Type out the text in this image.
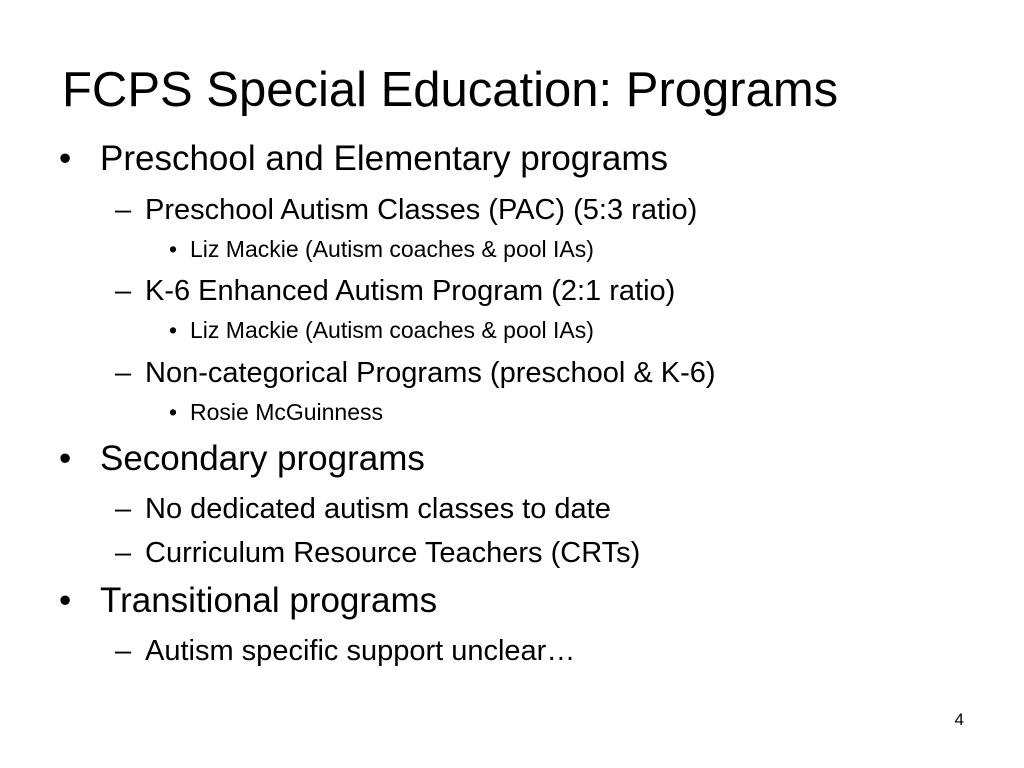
FCPS Special Education: Programs
• Preschool and Elementary programs
– Preschool Autism Classes (PAC) (5:3 ratio)
• Liz Mackie (Autism coaches & pool IAs)
– K-6 Enhanced Autism Program (2:1 ratio)
• Liz Mackie (Autism coaches & pool IAs)
– Non-categorical Programs (preschool & K-6)
• Rosie McGuinness
• Secondary programs
– No dedicated autism classes to date
– Curriculum Resource Teachers (CRTs)
• Transitional programs
– Autism specific support unclear…
4
